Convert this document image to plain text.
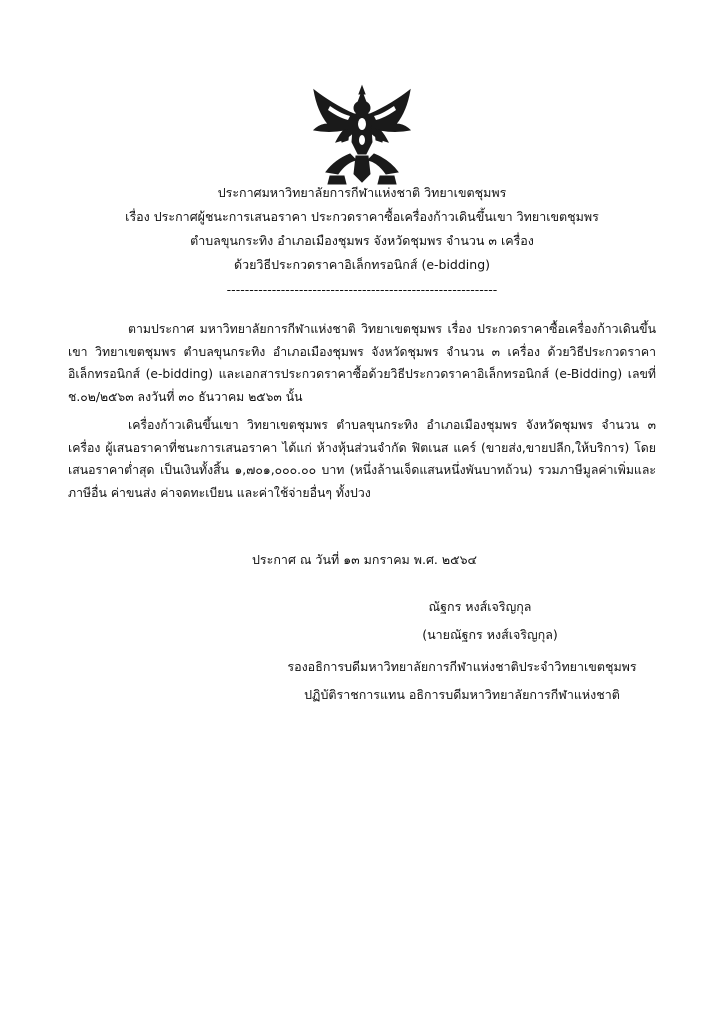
ประกาศมหาวิทยาลัยการกีฬาแห่งชาติ วิทยาเขตชุมพร
เรื่อง ประกาศผู้ชนะการเสนอราคา ประกวดราคาซื้อเครื่องก้าวเดินขึ้นเขา วิทยาเขตชุมพร
ตำบลขุนกระทิง อำเภอเมืองชุมพร จังหวัดชุมพร จำนวน ๓ เครื่อง
ด้วยวิธีประกวดราคาอิเล็กทรอนิกส์ (e-bidding)
------------------------------------------------------------
ตามประกาศ มหาวิทยาลัยการกีฬาแห่งชาติ วิทยาเขตชุมพร เรื่อง ประกวดราคาซื้อเครื่องก้าวเดินขึ้นเขา วิทยาเขตชุมพร ตำบลขุนกระทิง อำเภอเมืองชุมพร จังหวัดชุมพร จำนวน ๓ เครื่อง ด้วยวิธีประกวดราคาอิเล็กทรอนิกส์ (e-bidding) และเอกสารประกวดราคาซื้อด้วยวิธีประกวดราคาอิเล็กทรอนิกส์ (e-Bidding) เลขที่ ช.๐๒/๒๕๖๓ ลงวันที่ ๓๐ ธันวาคม ๒๕๖๓ นั้น
เครื่องก้าวเดินขึ้นเขา วิทยาเขตชุมพร ตำบลขุนกระทิง อำเภอเมืองชุมพร จังหวัดชุมพร จำนวน ๓ เครื่อง ผู้เสนอราคาที่ชนะการเสนอราคา ได้แก่ ห้างหุ้นส่วนจำกัด ฟิตเนส แคร์ (ขายส่ง,ขายปลีก,ให้บริการ) โดยเสนอราคาต่ำสุด เป็นเงินทั้งสิ้น ๑,๗๐๑,๐๐๐.๐๐ บาท (หนึ่งล้านเจ็ดแสนหนึ่งพันบาทถ้วน) รวมภาษีมูลค่าเพิ่มและภาษีอื่น ค่าขนส่ง ค่าจดทะเบียน และค่าใช้จ่ายอื่นๆ ทั้งปวง
ประกาศ ณ วันที่ ๑๓ มกราคม พ.ศ. ๒๕๖๔
ณัฐกร หงส์เจริญกุล
(นายณัฐกร หงส์เจริญกุล)
รองอธิการบดีมหาวิทยาลัยการกีฬาแห่งชาติประจำวิทยาเขตชุมพร
ปฏิบัติราชการแทน อธิการบดีมหาวิทยาลัยการกีฬาแห่งชาติ
